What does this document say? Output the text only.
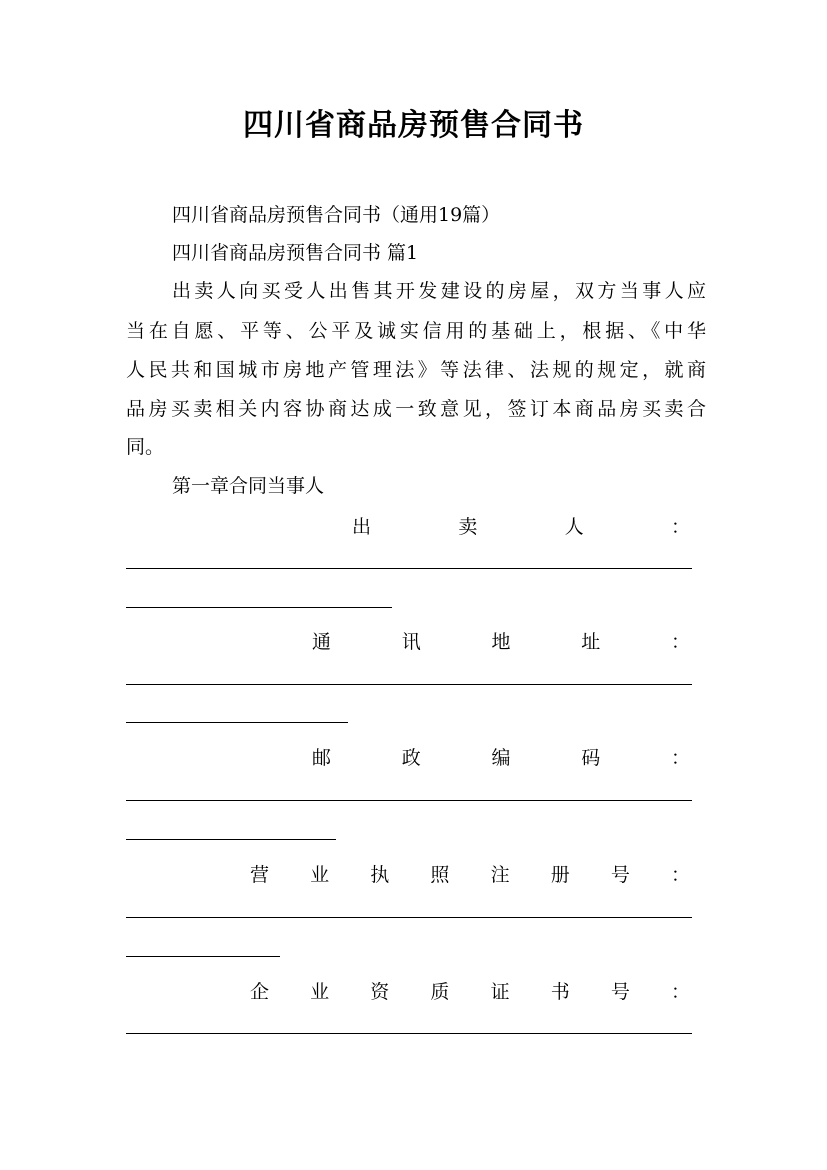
四川省商品房预售合同书
四川省商品房预售合同书（通用19篇）
四川省商品房预售合同书 篇1
出卖人向买受人出售其开发建设的房屋，双方当事人应
当在自愿、平等、公平及诚实信用的基础上，根据、《中华
人民共和国城市房地产管理法》等法律、法规的规定，就商
品房买卖相关内容协商达成一致意见，签订本商品房买卖合
同。
第一章合同当事人
出	卖	人	：
通	讯	地	址	：
邮	政	编	码	：
营 业 执 照 注 册 号 ：
企 业 资 质 证 书 号 ：
